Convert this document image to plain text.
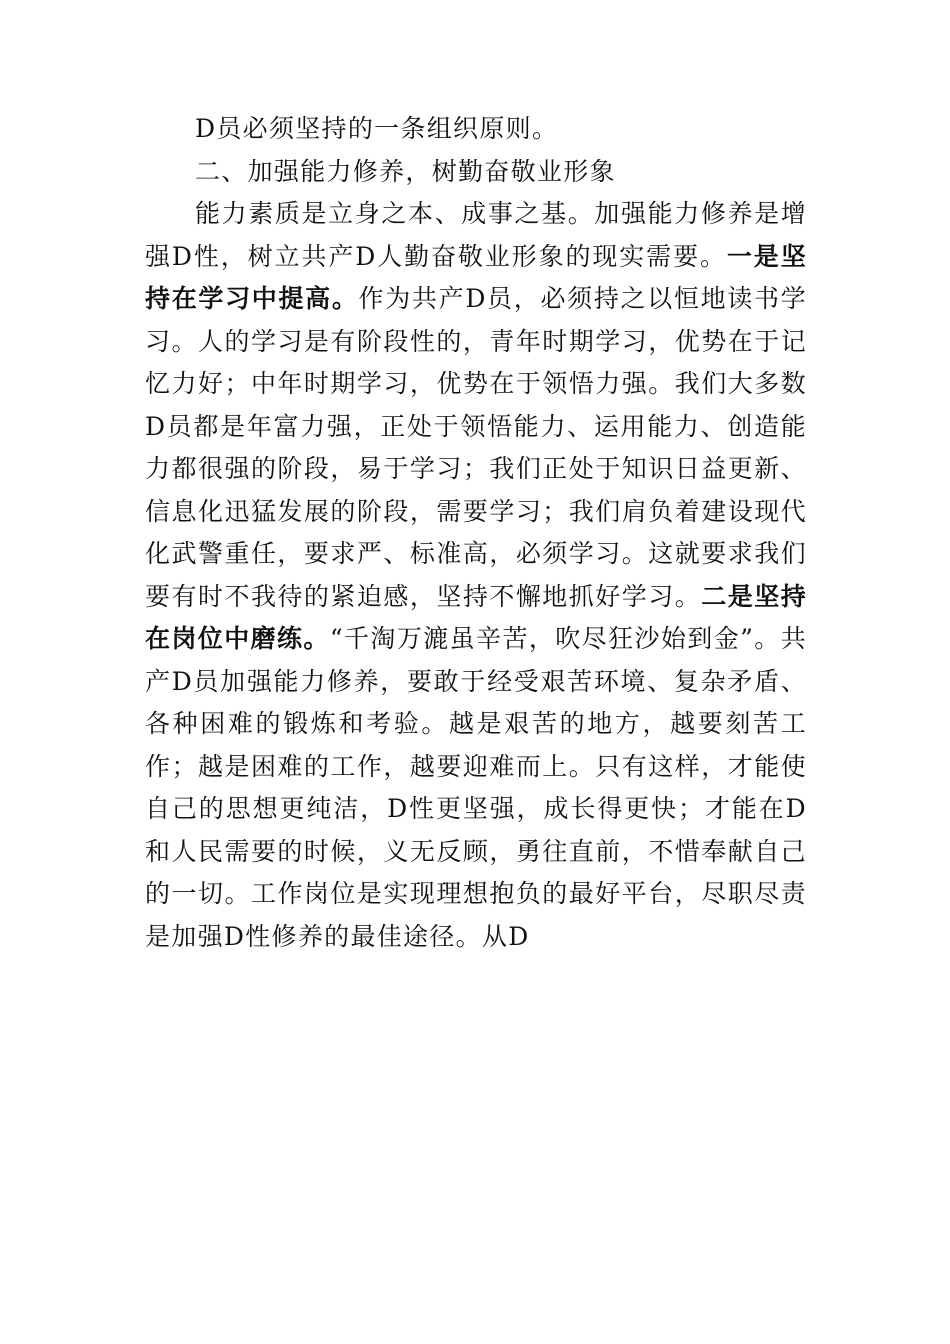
D员必须坚持的一条组织原则。

二、加强能力修养，树勤奋敬业形象

能力素质是立身之本、成事之基。加强能力修养是增强D性，树立共产D人勤奋敬业形象的现实需要。一是坚持在学习中提高。作为共产D员，必须持之以恒地读书学习。人的学习是有阶段性的，青年时期学习，优势在于记忆力好；中年时期学习，优势在于领悟力强。我们大多数D员都是年富力强，正处于领悟能力、运用能力、创造能力都很强的阶段，易于学习；我们正处于知识日益更新、信息化迅猛发展的阶段，需要学习；我们肩负着建设现代化武警重任，要求严、标准高，必须学习。这就要求我们要有时不我待的紧迫感，坚持不懈地抓好学习。二是坚持在岗位中磨练。“千淘万漉虽辛苦，吹尽狂沙始到金”。共产D员加强能力修养，要敢于经受艰苦环境、复杂矛盾、各种困难的锻炼和考验。越是艰苦的地方，越要刻苦工作；越是困难的工作，越要迎难而上。只有这样，才能使自己的思想更纯洁，D性更坚强，成长得更快；才能在D和人民需要的时候，义无反顾，勇往直前，不惜奉献自己的一切。工作岗位是实现理想抱负的最好平台，尽职尽责是加强D性修养的最佳途径。从D
